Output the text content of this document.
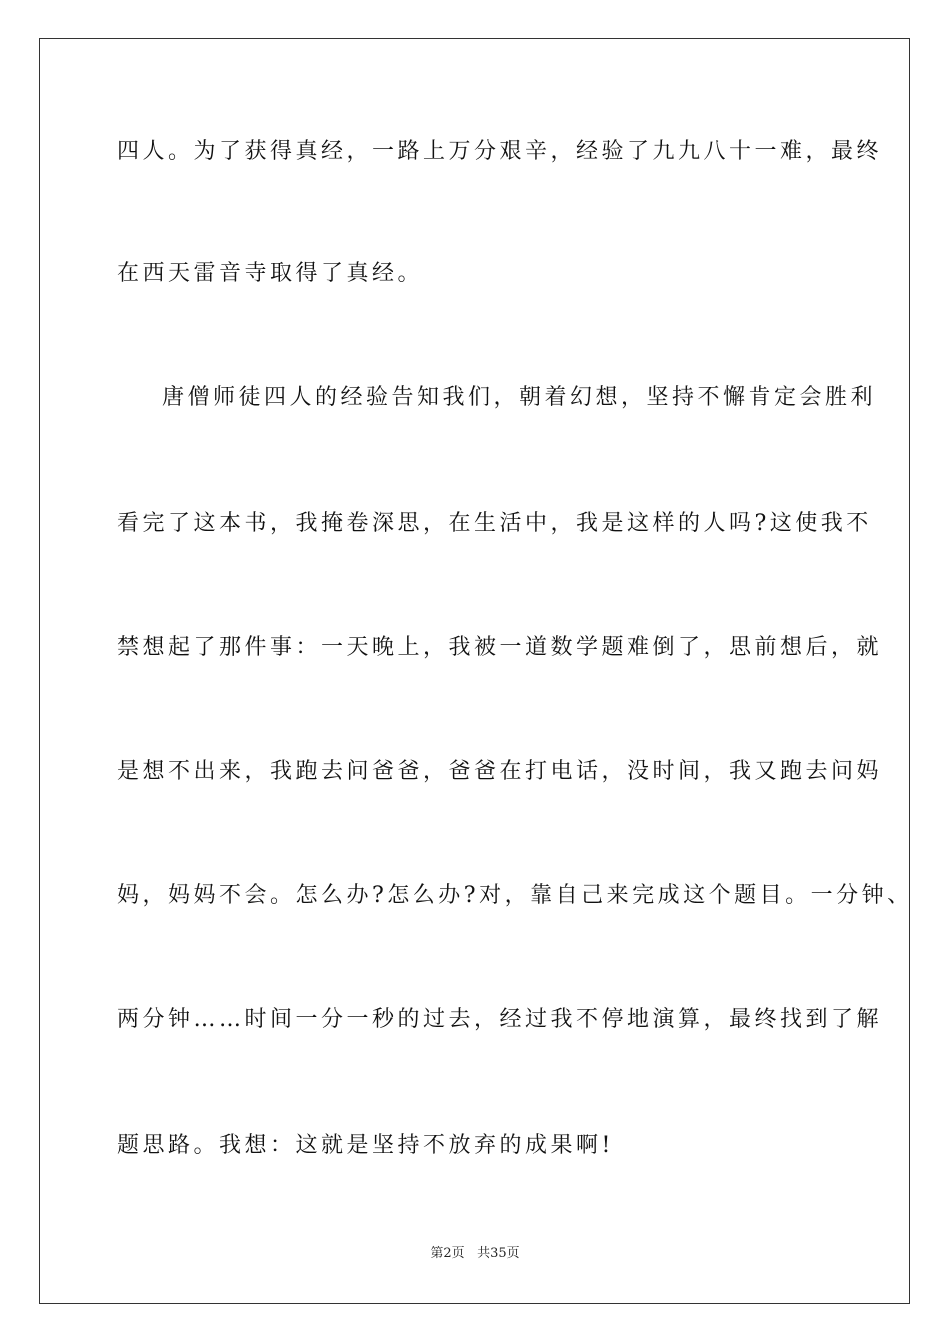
四人。为了获得真经，一路上万分艰辛，经验了九九八十一难，最终
在西天雷音寺取得了真经。
唐僧师徒四人的经验告知我们，朝着幻想，坚持不懈肯定会胜利
看完了这本书，我掩卷深思，在生活中，我是这样的人吗?这使我不
禁想起了那件事：一天晚上，我被一道数学题难倒了，思前想后，就
是想不出来，我跑去问爸爸，爸爸在打电话，没时间，我又跑去问妈
妈，妈妈不会。怎么办?怎么办?对，靠自己来完成这个题目。一分钟、
两分钟……时间一分一秒的过去，经过我不停地演算，最终找到了解
题思路。我想：这就是坚持不放弃的成果啊!
第2页 共35页
